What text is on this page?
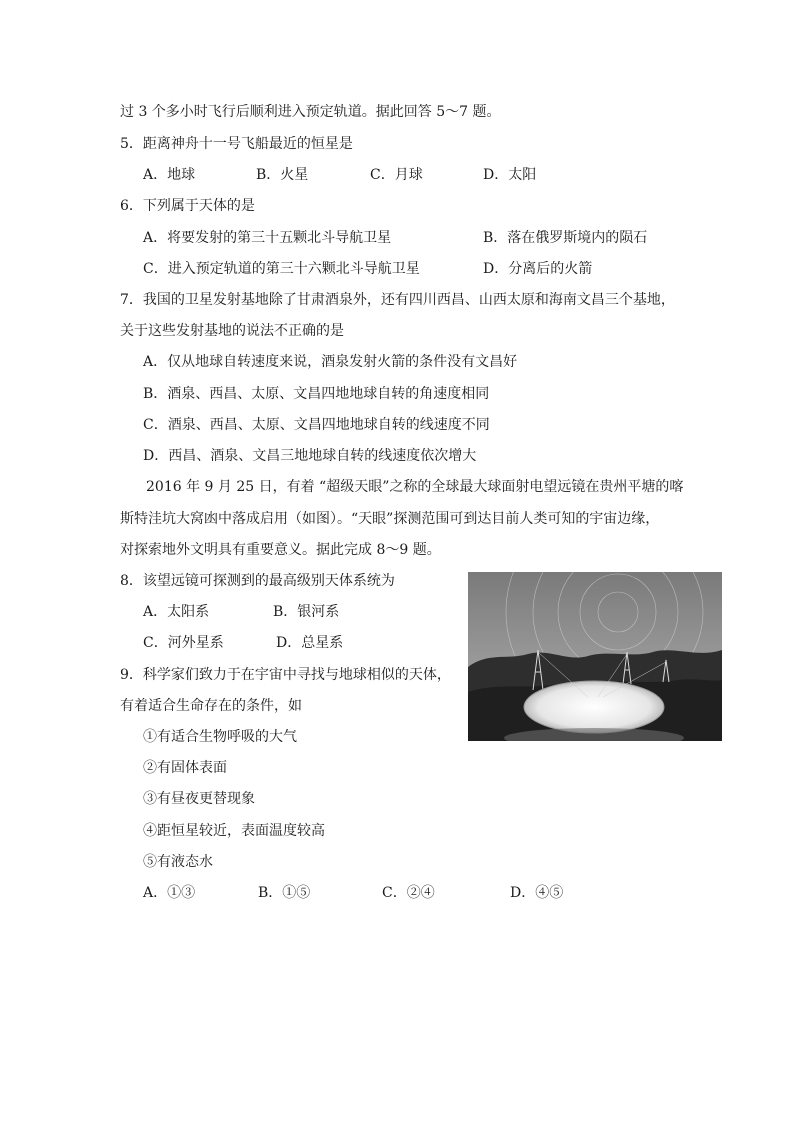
过 3 个多小时飞行后顺利进入预定轨道。据此回答 5～7 题。
5．距离神舟十一号飞船最近的恒星是
A．地球	B．火星	C．月球	D．太阳
6．下列属于天体的是
A．将要发射的第三十五颗北斗导航卫星	B．落在俄罗斯境内的陨石
C．进入预定轨道的第三十六颗北斗导航卫星	D．分离后的火箭
7．我国的卫星发射基地除了甘肃酒泉外，还有四川西昌、山西太原和海南文昌三个基地，
关于这些发射基地的说法不正确的是
A．仅从地球自转速度来说，酒泉发射火箭的条件没有文昌好
B．酒泉、西昌、太原、文昌四地地球自转的角速度相同
C．酒泉、西昌、太原、文昌四地地球自转的线速度不同
D．西昌、酒泉、文昌三地地球自转的线速度依次增大
2016 年 9 月 25 日，有着 “超级天眼”之称的全球最大球面射电望远镜在贵州平塘的喀
斯特洼坑大窝凼中落成启用（如图）。“天眼”探测范围可到达目前人类可知的宇宙边缘，
对探索地外文明具有重要意义。据此完成 8～9 题。
8．该望远镜可探测到的最高级别天体系统为
A．太阳系	B．银河系
C．河外星系	D．总星系
9．科学家们致力于在宇宙中寻找与地球相似的天体，
有着适合生命存在的条件，如
①有适合生物呼吸的大气
②有固体表面
③有昼夜更替现象
④距恒星较近，表面温度较高
⑤有液态水
A．①③	B．①⑤	C．②④	D．④⑤
